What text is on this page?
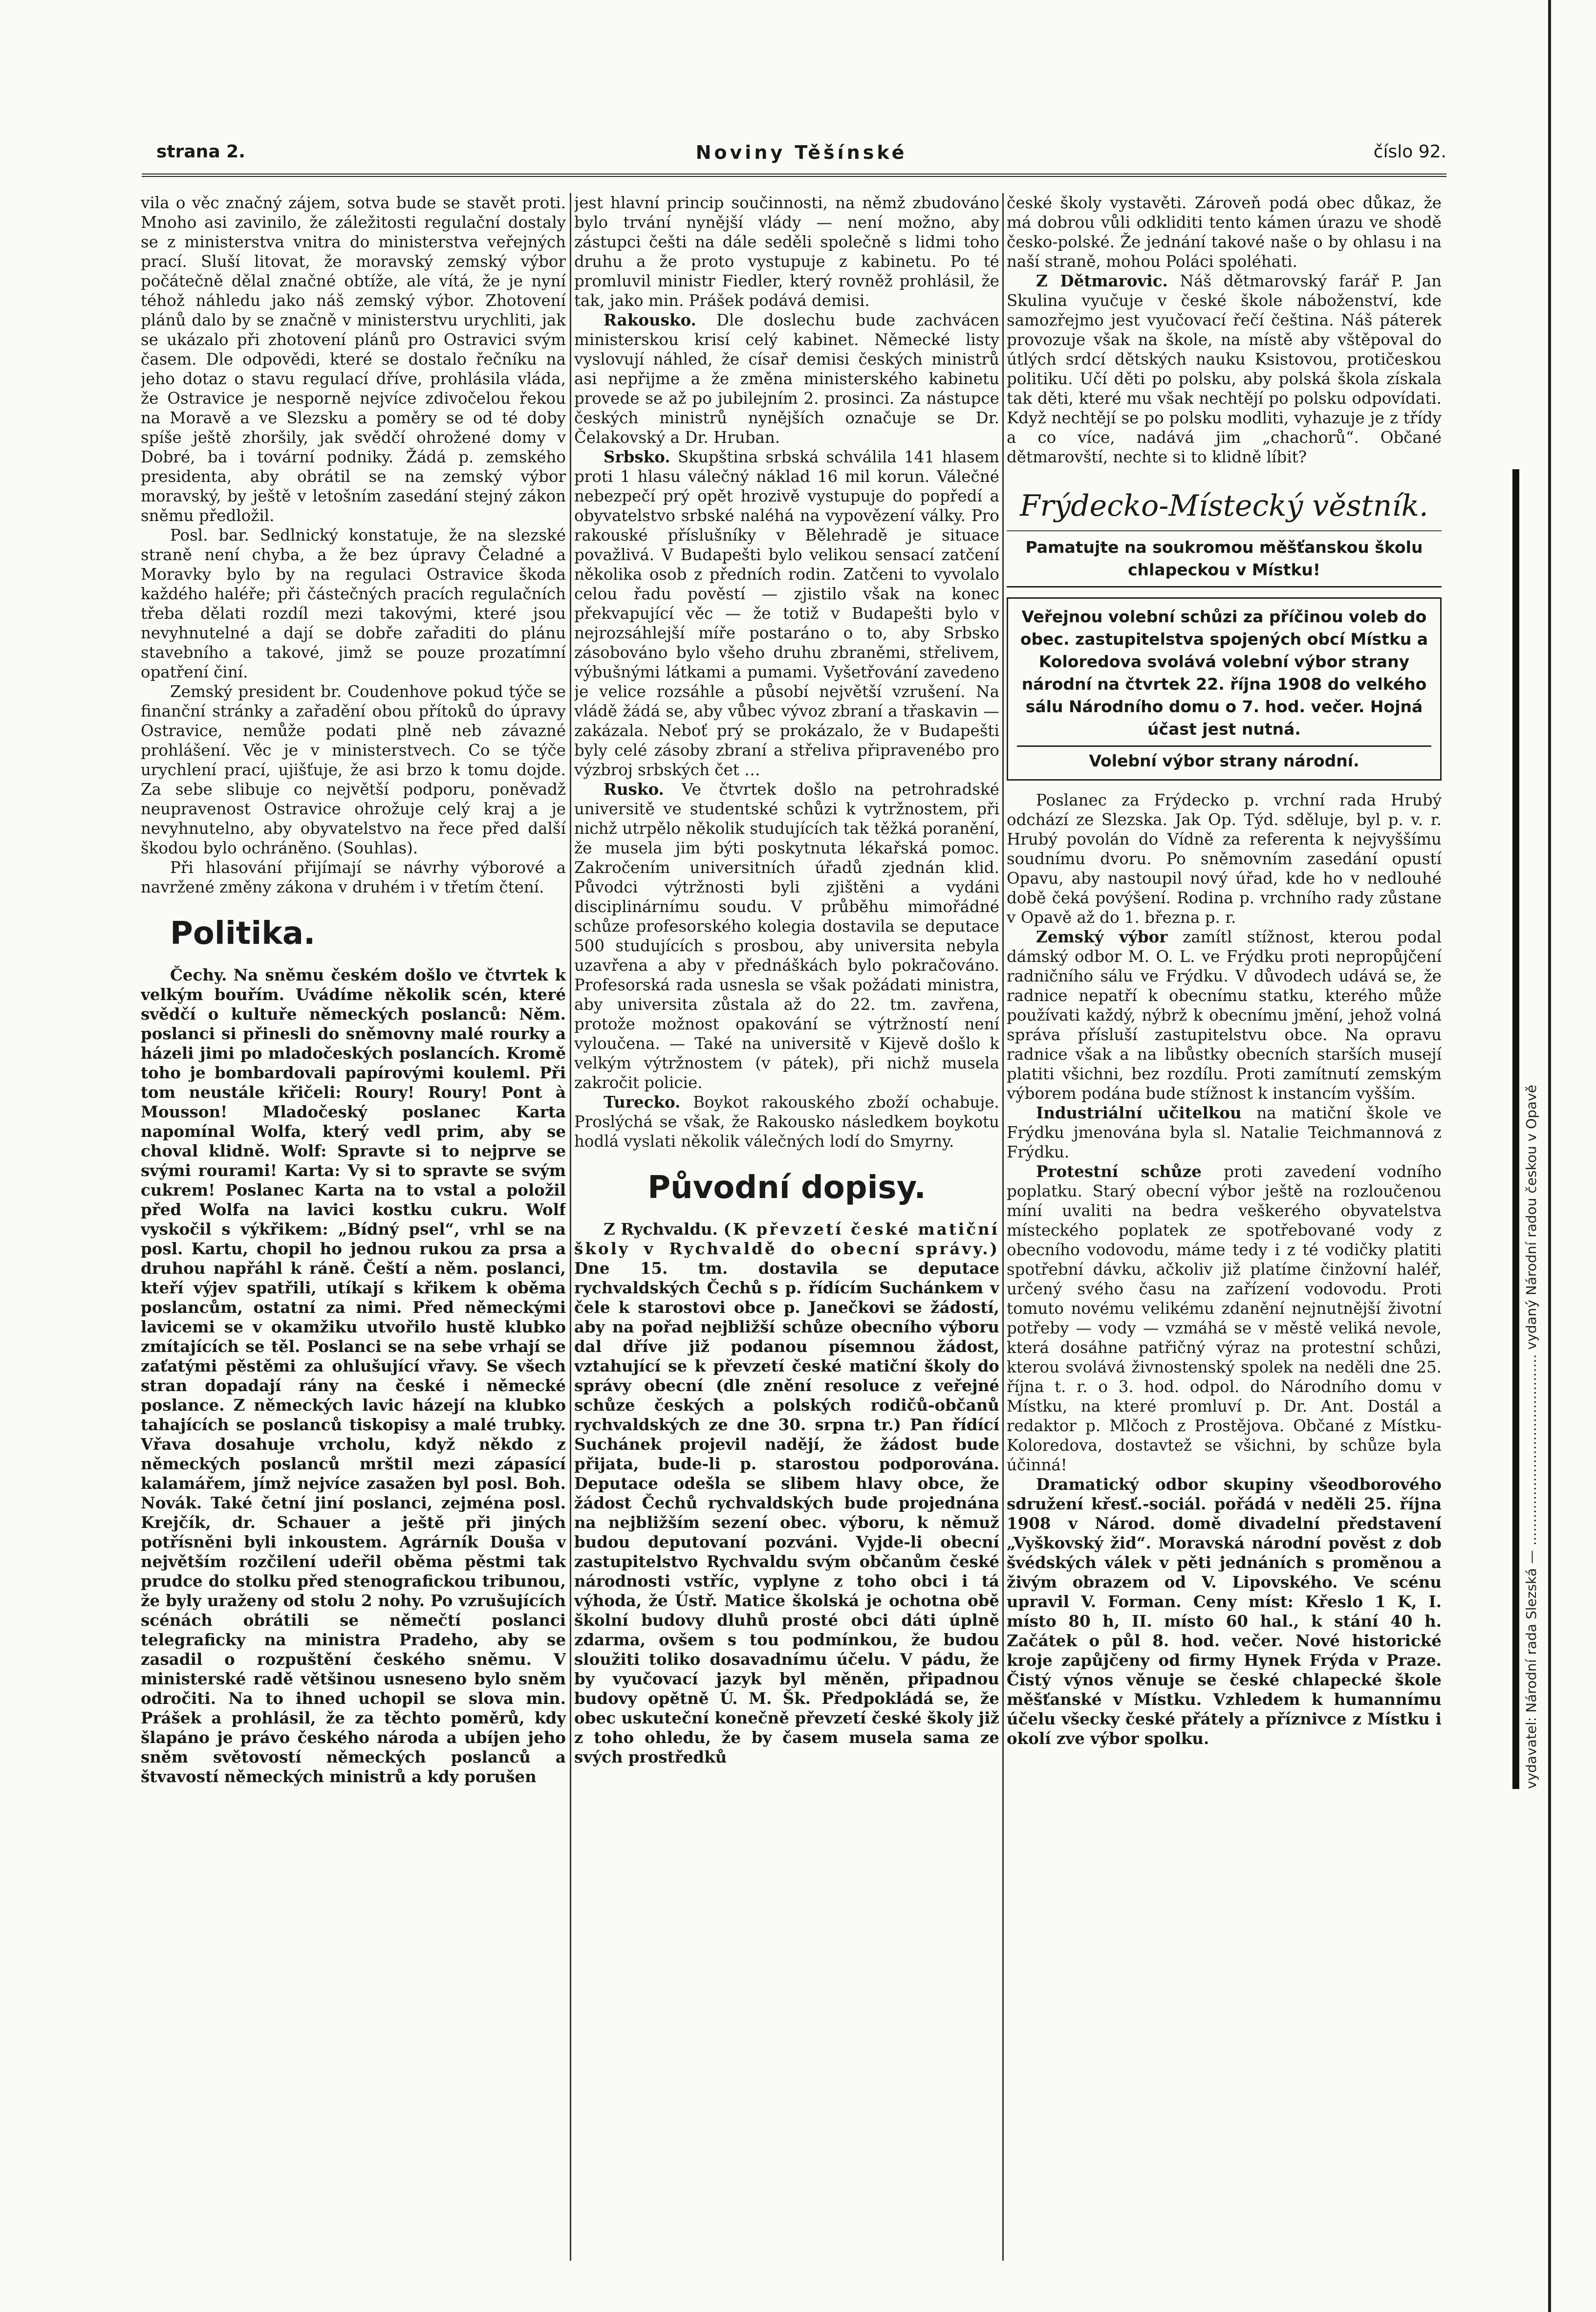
strana 2.	Noviny Těšínské	číslo 92.

vila o věc značný zájem, sotva bude se stavět proti. Mnoho asi zavinilo, že záležitosti regulační dostaly se z ministerstva vnitra do ministerstva veřejných prací. Sluší litovat, že moravský zemský výbor počátečně dělal značné obtíže, ale vítá, že je nyní téhož náhledu jako náš zemský výbor. Zhotovení plánů dalo by se značně v ministerstvu urychliti, jak se ukázalo při zhotovení plánů pro Ostravici svým časem. Dle odpovědi, které se dostalo řečníku na jeho dotaz o stavu regulací dříve, prohlásila vláda, že Ostravice je nesporně nejvíce zdivočelou řekou na Moravě a ve Slezsku a poměry se od té doby spíše ještě zhoršily, jak svědčí ohrožené domy v Dobré, ba i tovární podniky. Žádá p. zemského presidenta, aby obrátil se na zemský výbor moravský, by ještě v letošním zasedání stejný zákon sněmu předložil.

Posl. bar. Sedlnický konstatuje, že na slezské straně není chyba, a že bez úpravy Čeladné a Moravky bylo by na regulaci Ostravice škoda každého haléře; při částečných pracích regulačních třeba dělati rozdíl mezi takovými, které jsou nevyhnutelné a dají se dobře zařaditi do plánu stavebního a takové, jimž se pouze prozatímní opatření činí.

Zemský president br. Coudenhove pokud týče se finanční stránky a zařadění obou přítoků do úpravy Ostravice, nemůže podati plně neb závazné prohlášení. Věc je v ministerstvech. Co se týče urychlení prací, ujišťuje, že asi brzo k tomu dojde. Za sebe slibuje co největší podporu, poněvadž neupravenost Ostravice ohrožuje celý kraj a je nevyhnutelno, aby obyvatelstvo na řece před další škodou bylo ochráněno. (Souhlas).

Při hlasování přijímají se návrhy výborové a navržené změny zákona v druhém i v třetím čtení.

Politika.

Čechy. Na sněmu českém došlo ve čtvrtek k velkým bouřím. Uvádíme několik scén, které svědčí o kultuře německých poslanců: Něm. poslanci si přinesli do sněmovny malé rourky a házeli jimi po mladočeských poslancích. Kromě toho je bombardovali papírovými kouleml. Při tom neustále křičeli: Roury! Roury! Pont à Mousson! Mladočeský poslanec Karta napomínal Wolfa, který vedl prim, aby se choval klidně. Wolf: Spravte si to nejprve se svými rourami! Karta: Vy si to spravte se svým cukrem! Poslanec Karta na to vstal a položil před Wolfa na lavici kostku cukru. Wolf vyskočil s výkřikem: „Bídný psel“, vrhl se na posl. Kartu, chopil ho jednou rukou za prsa a druhou napřáhl k ráně. Čeští a něm. poslanci, kteří výjev spatřili, utíkají s křikem k oběma poslancům, ostatní za nimi. Před německými lavicemi se v okamžiku utvořilo hustě klubko zmítajících se těl. Poslanci se na sebe vrhají se zaťatými pěstěmi za ohlušující vřavy. Se všech stran dopadají rány na české i německé poslance. Z německých lavic házejí na klubko tahajících se poslanců tiskopisy a malé trubky. Vřava dosahuje vrcholu, když někdo z německých poslanců mrštil mezi zápasící kalamářem, jímž nejvíce zasažen byl posl. Boh. Novák. Také četní jiní poslanci, zejména posl. Krejčík, dr. Schauer a ještě při jiných potřísněni byli inkoustem. Agrárník Douša v největším rozčilení udeřil oběma pěstmi tak prudce do stolku před stenografickou tribunou, že byly uraženy od stolu 2 nohy. Po vzrušujících scénách obrátili se němečtí poslanci telegraficky na ministra Pradeho, aby se zasadil o rozpuštění českého sněmu. V ministerské radě většinou usneseno bylo sněm odročiti. Na to ihned uchopil se slova min. Prášek a prohlásil, že za těchto poměrů, kdy šlapáno je právo českého národa a ubíjen jeho sněm světovostí německých poslanců a štvavostí německých ministrů a kdy porušen

jest hlavní princip součinnosti, na němž zbudováno bylo trvání nynější vlády — není možno, aby zástupci češti na dále seděli společně s lidmi toho druhu a že proto vystupuje z kabinetu. Po té promluvil ministr Fiedler, který rovněž prohlásil, že tak, jako min. Prášek podává demisi.

Rakousko. Dle doslechu bude zachvácen ministerskou krisí celý kabinet. Německé listy vyslovují náhled, že císař demisi českých ministrů asi nepřijme a že změna ministerského kabinetu provede se až po jubilejním 2. prosinci. Za nástupce českých ministrů nynějších označuje se Dr. Čelakovský a Dr. Hruban.

Srbsko. Skupština srbská schválila 141 hlasem proti 1 hlasu válečný náklad 16 mil korun. Válečné nebezpečí prý opět hrozivě vystupuje do popředí a obyvatelstvo srbské naléhá na vypovězení války. Pro rakouské příslušníky v Bělehradě je situace považlivá. V Budapešti bylo velikou sensací zatčení několika osob z předních rodin. Zatčeni to vyvolalo celou řadu pověstí — zjistilo však na konec překvapující věc — že totiž v Budapešti bylo v nejrozsáhlejší míře postaráno o to, aby Srbsko zásobováno bylo všeho druhu zbraněmi, střelivem, výbušnými látkami a pumami. Vyšetřování zavedeno je velice rozsáhle a působí největší vzrušení. Na vládě žádá se, aby vůbec vývoz zbraní a třaskavin — zakázala. Neboť prý se prokázalo, že v Budapešti byly celé zásoby zbraní a střeliva připravenébo pro výzbroj srbských čet …

Rusko. Ve čtvrtek došlo na petrohradské universitě ve studentské schůzi k vytržnostem, při nichž utrpělo několik studujících tak těžká poranění, že musela jim býti poskytnuta lékařská pomoc. Zakročením universitních úřadů zjednán klid. Původci výtržnosti byli zjištěni a vydáni disciplinárnímu soudu. V průběhu mimořádné schůze profesorského kolegia dostavila se deputace 500 studujících s prosbou, aby universita nebyla uzavřena a aby v přednáškách bylo pokračováno. Profesorská rada usnesla se však požádati ministra, aby universita zůstala až do 22. tm. zavřena, protože možnost opakování se výtržností není vyloučena. — Také na universitě v Kijevě došlo k velkým výtržnostem (v pátek), při nichž musela zakročit policie.

Turecko. Boykot rakouského zboží ochabuje. Proslýchá se však, že Rakousko následkem boykotu hodlá vyslati několik válečných lodí do Smyrny.

Původní dopisy.

Z Rychvaldu. (K převzetí české matiční školy v Rychvaldě do obecní správy.) Dne 15. tm. dostavila se deputace rychvaldských Čechů s p. řídícím Suchánkem v čele k starostovi obce p. Janečkovi se žádostí, aby na pořad nejbližší schůze obecního výboru dal dříve již podanou písemnou žádost, vztahující se k převzetí české matiční školy do správy obecní (dle znění resoluce z veřejné schůze českých a polských rodičů-občanů rychvaldských ze dne 30. srpna tr.) Pan řídící Suchánek projevil nadějí, že žádost bude přijata, bude-li p. starostou podporována. Deputace odešla se slibem hlavy obce, že žádost Čechů rychvaldských bude projednána na nejbližším sezení obec. výboru, k němuž budou deputovaní pozváni. Vyjde-li obecní zastupitelstvo Rychvaldu svým občanům české národnosti vstříc, vyplyne z toho obci i tá výhoda, že Ústř. Matice školská je ochotna obě školní budovy dluhů prosté obci dáti úplně zdarma, ovšem s tou podmínkou, že budou sloužiti toliko dosavadnímu účelu. V pádu, že by vyučovací jazyk byl měněn, připadnou budovy opětně Ú. M. Šk. Předpokládá se, že obec uskuteční konečně převzetí české školy již z toho ohledu, že by časem musela sama ze svých prostředků

české školy vystavěti. Zároveň podá obec důkaz, že má dobrou vůli odkliditi tento kámen úrazu ve shodě česko-polské. Že jednání takové naše o by ohlasu i na naší straně, mohou Poláci spoléhati.

Z Dětmarovic. Náš dětmarovský farář P. Jan Skulina vyučuje v české škole náboženství, kde samozřejmo jest vyučovací řečí čeština. Náš páterek provozuje však na škole, na místě aby vštěpoval do útlých srdcí dětských nauku Ksistovou, protičeskou politiku. Učí děti po polsku, aby polská škola získala tak děti, které mu však nechtějí po polsku odpovídati. Když nechtějí se po polsku modliti, vyhazuje je z třídy a co více, nadává jim „chachorů“. Občané dětmarovští, nechte si to klidně líbit?

Frýdecko-Místecký věstník.
Pamatujte na soukromou měšťanskou školu chlapeckou v Místku!
Veřejnou volební schůzi za příčinou voleb do obec. zastupitelstva spojených obcí Místku a Koloredova svolává volební výbor strany národní na čtvrtek 22. října 1908 do velkého sálu Národního domu o 7. hod. večer. Hojná účast jest nutná.
Volební výbor strany národní.

Poslanec za Frýdecko p. vrchní rada Hrubý odchází ze Slezska. Jak Op. Týd. sděluje, byl p. v. r. Hrubý povolán do Vídně za referenta k nejvyššímu soudnímu dvoru. Po sněmovním zasedání opustí Opavu, aby nastoupil nový úřad, kde ho v nedlouhé době čeká povýšení. Rodina p. vrchního rady zůstane v Opavě až do 1. března p. r.

Zemský výbor zamítl stížnost, kterou podal dámský odbor M. O. L. ve Frýdku proti nepropůjčení radničního sálu ve Frýdku. V důvodech udává se, že radnice nepatří k obecnímu statku, kterého může používati každý, nýbrž k obecnímu jmění, jehož volná správa přísluší zastupitelstvu obce. Na opravu radnice však a na libůstky obecních starších musejí platiti všichni, bez rozdílu. Proti zamítnutí zemským výborem podána bude stížnost k instancím vyšším.

Industriální učitelkou na matiční škole ve Frýdku jmenována byla sl. Natalie Teichmannová z Frýdku.

Protestní schůze proti zavedení vodního poplatku. Starý obecní výbor ještě na rozloučenou míní uvaliti na bedra veškerého obyvatelstva místeckého poplatek ze spotřebované vody z obecního vodovodu, máme tedy i z té vodičky platiti spotřební dávku, ačkoliv již platíme činžovní haléř, určený svého času na zařízení vodovodu. Proti tomuto novému velikému zdanění nejnutnější životní potřeby — vody — vzmáhá se v městě veliká nevole, která dosáhne patřičný výraz na protestní schůzi, kterou svolává živnostenský spolek na neděli dne 25. října t. r. o 3. hod. odpol. do Národního domu v Místku, na které promluví p. Dr. Ant. Dostál a redaktor p. Mlčoch z Prostějova. Občané z Místku-Koloredova, dostavtež se všichni, by schůze byla účinná!

Dramatický odbor skupiny všeodborového sdružení křesť.-sociál. pořádá v neděli 25. října 1908 v Národ. domě divadelní představení „Vyškovský žid“. Moravská národní pověst z dob švédských válek v pěti jednáních s proměnou a živým obrazem od V. Lipovského. Ve scénu upravil V. Forman. Ceny míst: Křeslo 1 K, I. místo 80 h, II. místo 60 hal., k stání 40 h. Začátek o půl 8. hod. večer. Nové historické kroje zapůjčeny od firmy Hynek Frýda v Praze. Čistý výnos věnuje se české chlapecké škole měšťanské v Místku. Vzhledem k humannímu účelu všecky české přátely a příznivce z Místku i okolí zve výbor spolku.	vydavatel: Národní rada Slezská — …………………………………… vydaný Národní radou českou v Opavě
